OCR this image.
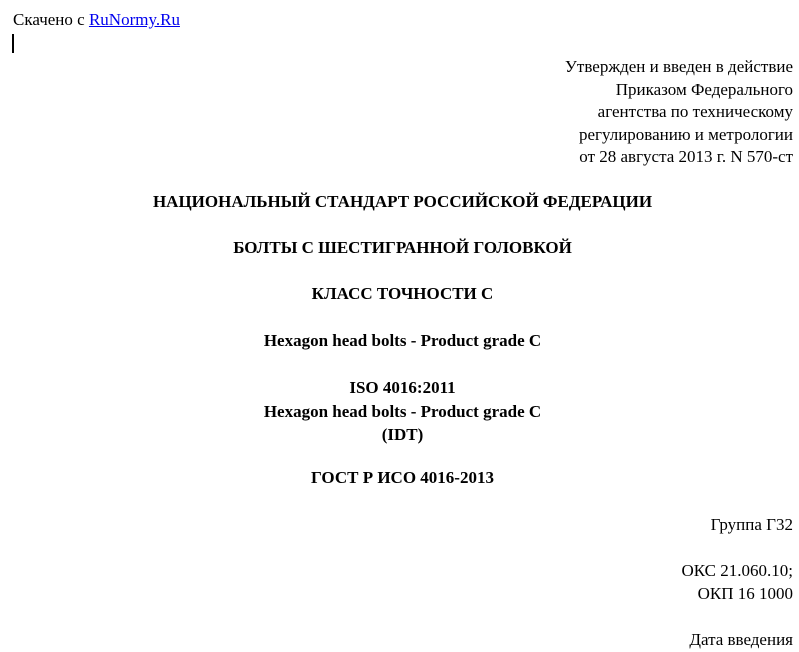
Скачено с RuNormy.Ru
Утвержден и введен в действие
Приказом Федерального
агентства по техническому
регулированию и метрологии
от 28 августа 2013 г. N 570-ст
НАЦИОНАЛЬНЫЙ СТАНДАРТ РОССИЙСКОЙ ФЕДЕРАЦИИ
БОЛТЫ С ШЕСТИГРАННОЙ ГОЛОВКОЙ
КЛАСС ТОЧНОСТИ С
Hexagon head bolts - Product grade C
ISO 4016:2011
Hexagon head bolts - Product grade C
(IDT)
ГОСТ Р ИСО 4016-2013
Группа Г32
ОКС 21.060.10;
ОКП 16 1000
Дата введения
